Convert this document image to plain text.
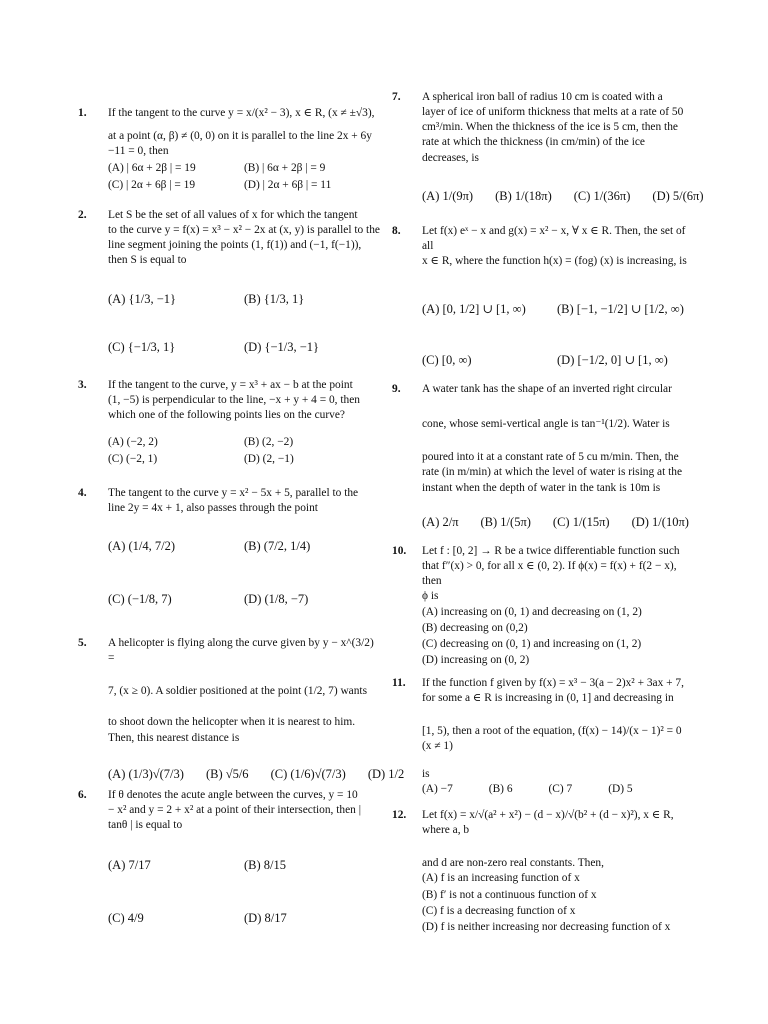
1. If the tangent to the curve y = x/(x² − 3), x ∈ R, (x ≠ ±√3),

at a point (α, β) ≠ (0, 0) on it is parallel to the line 2x + 6y

−11 = 0, then

(A) | 6α + 2β | = 19	(B) | 6α + 2β | = 9
(C) | 2α + 6β | = 19	(D) | 2α + 6β | = 11
2. Let S be the set of all values of x for which the tangent

to the curve y = f(x) = x³ − x² − 2x at (x, y) is parallel to the

line segment joining the points (1, f(1)) and (−1, f(−1)),

then S is equal to

(A) {1/3, −1}	(B) {1/3, 1}
(C) {−1/3, 1}	(D) {−1/3, −1}
3. If the tangent to the curve, y = x³ + ax − b at the point

(1, −5) is perpendicular to the line, −x + y + 4 = 0, then

which one of the following points lies on the curve?

(A) (−2, 2)	(B) (2, −2)
(C) (−2, 1)	(D) (2, −1)
4. The tangent to the curve y = x² − 5x + 5, parallel to the

line 2y = 4x + 1, also passes through the point

(A) (1/4, 7/2)	(B) (7/2, 1/4)
(C) (−1/8, 7)	(D) (1/8, −7)
5. A helicopter is flying along the curve given by y − x^(3/2) =

7, (x ≥ 0). A soldier positioned at the point (1/2, 7) wants

to shoot down the helicopter when it is nearest to him.

Then, this nearest distance is

(A) (1/3)√(7/3) (B) √5/6 (C) (1/6)√(7/3) (D) 1/2
6. If θ denotes the acute angle between the curves, y = 10

− x² and y = 2 + x² at a point of their intersection, then |

tanθ | is equal to

(A) 7/17	(B) 8/15
(C) 4/9	(D) 8/17
7. A spherical iron ball of radius 10 cm is coated with a

layer of ice of uniform thickness that melts at a rate of 50

cm³/min. When the thickness of the ice is 5 cm, then the

rate at which the thickness (in cm/min) of the ice

decreases, is

(A) 1/(9π) (B) 1/(18π) (C) 1/(36π) (D) 5/(6π)
8. Let f(x) eˣ − x and g(x) = x² − x, ∀ x ∈ R. Then, the set of all

x ∈ R, where the function h(x) = (fog) (x) is increasing, is

(A) [0, 1/2] ∪ [1, ∞)	(B) [−1, −1/2] ∪ [1/2, ∞)
(C) [0, ∞)	(D) [−1/2, 0] ∪ [1, ∞)
9. A water tank has the shape of an inverted right circular

cone, whose semi-vertical angle is tan⁻¹(1/2). Water is

poured into it at a constant rate of 5 cu m/min. Then, the

rate (in m/min) at which the level of water is rising at the

instant when the depth of water in the tank is 10m is

(A) 2/π (B) 1/(5π) (C) 1/(15π) (D) 1/(10π)
10. Let f : [0, 2] → R be a twice differentiable function such

that f″(x) > 0, for all x ∈ (0, 2). If ϕ(x) = f(x) + f(2 − x), then

ϕ is

(A) increasing on (0, 1) and decreasing on (1, 2)
(B) decreasing on (0,2)
(C) decreasing on (0, 1) and increasing on (1, 2)
(D) increasing on (0, 2)
11. If the function f given by f(x) = x³ − 3(a − 2)x² + 3ax + 7,

for some a ∈ R is increasing in (0, 1] and decreasing in

[1, 5), then a root of the equation, (f(x) − 14)/(x − 1)² = 0 (x ≠ 1)

is

(A) −7	(B) 6	(C) 7	(D) 5
12. Let f(x) = x/√(a² + x²) − (d − x)/√(b² + (d − x)²), x ∈ R, where a, b

and d are non-zero real constants. Then,

(A) f is an increasing function of x
(B) f′ is not a continuous function of x
(C) f is a decreasing function of x
(D) f is neither increasing nor decreasing function of x
